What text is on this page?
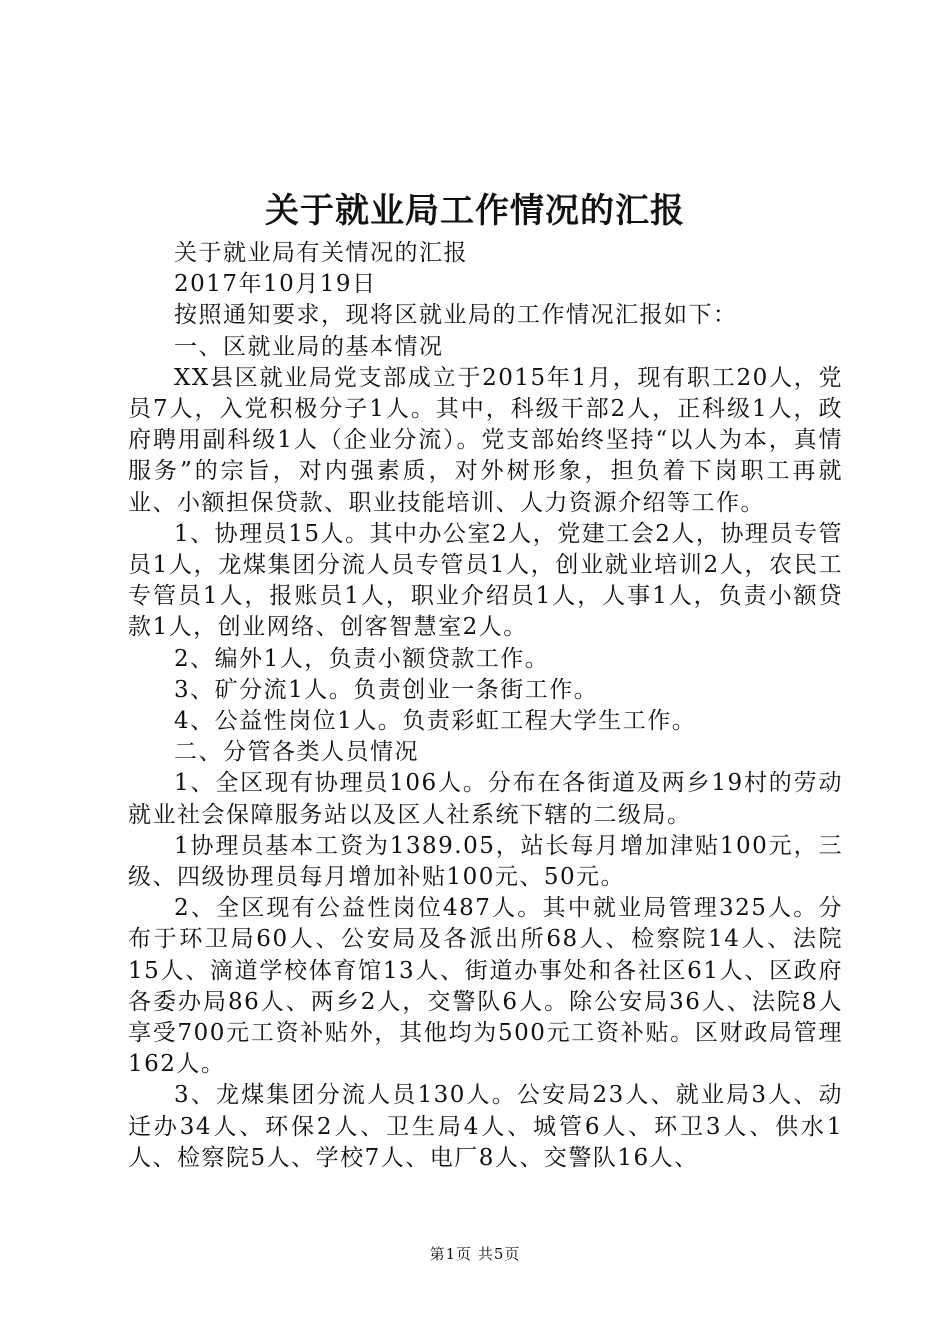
关于就业局工作情况的汇报

关于就业局有关情况的汇报

2017年10月19日

按照通知要求，现将区就业局的工作情况汇报如下：

一、区就业局的基本情况

XX县区就业局党支部成立于2015年1月，现有职工20人，党员7人，入党积极分子1人。其中，科级干部2人，正科级1人，政府聘用副科级1人（企业分流）。党支部始终坚持“以人为本，真情服务”的宗旨，对内强素质，对外树形象，担负着下岗职工再就业、小额担保贷款、职业技能培训、人力资源介绍等工作。

1、协理员15人。其中办公室2人，党建工会2人，协理员专管员1人，龙煤集团分流人员专管员1人，创业就业培训2人，农民工专管员1人，报账员1人，职业介绍员1人，人事1人，负责小额贷款1人，创业网络、创客智慧室2人。

2、编外1人，负责小额贷款工作。

3、矿分流1人。负责创业一条街工作。

4、公益性岗位1人。负责彩虹工程大学生工作。

二、分管各类人员情况

1、全区现有协理员106人。分布在各街道及两乡19村的劳动就业社会保障服务站以及区人社系统下辖的二级局。

1协理员基本工资为1389.05，站长每月增加津贴100元，三级、四级协理员每月增加补贴100元、50元。

2、全区现有公益性岗位487人。其中就业局管理325人。分布于环卫局60人、公安局及各派出所68人、检察院14人、法院15人、滴道学校体育馆13人、街道办事处和各社区61人、区政府各委办局86人、两乡2人，交警队6人。除公安局36人、法院8人享受700元工资补贴外，其他均为500元工资补贴。区财政局管理162人。

3、龙煤集团分流人员130人。公安局23人、就业局3人、动迁办34人、环保2人、卫生局4人、城管6人、环卫3人、供水1人、检察院5人、学校7人、电厂8人、交警队16人、

第1页 共5页
